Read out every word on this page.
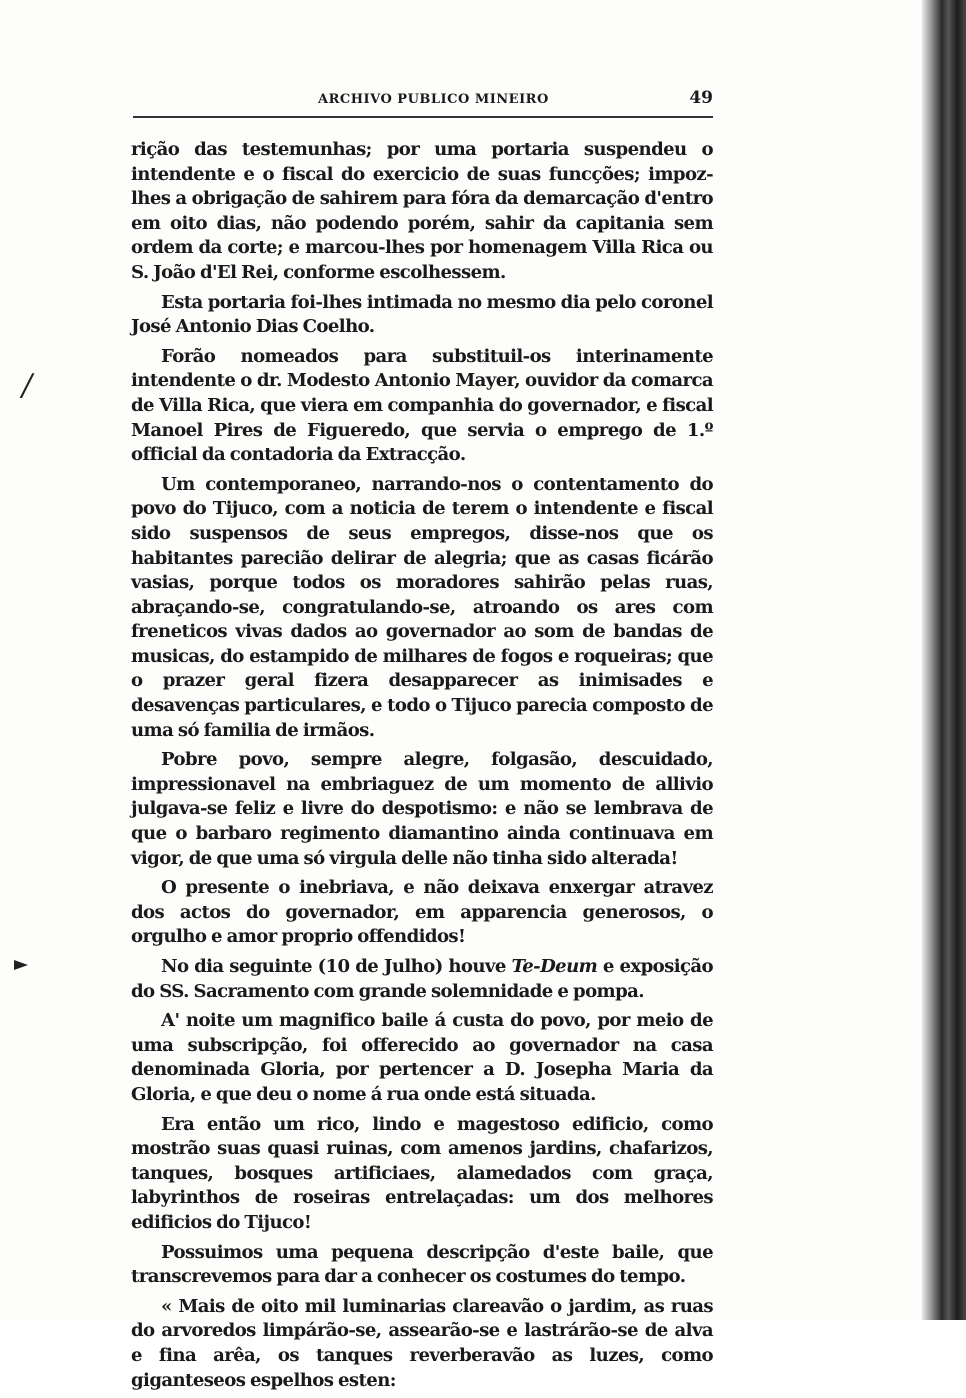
ARCHIVO PUBLICO MINEIRO	49

rição das testemunhas; por uma portaria suspendeu o intendente e o fiscal do exercicio de suas funcções; impoz-lhes a obrigação de sahirem para fóra da demarcação d'entro em oito dias, não podendo porém, sahir da capitania sem ordem da corte; e marcou-lhes por homenagem Villa Rica ou S. João d'El Rei, conforme escolhessem.

Esta portaria foi-lhes intimada no mesmo dia pelo coronel José Antonio Dias Coelho.

Forão nomeados para substituil-os interinamente intendente o dr. Modesto Antonio Mayer, ouvidor da comarca de Villa Rica, que viera em companhia do governador, e fiscal Manoel Pires de Figueredo, que servia o emprego de 1.º official da contadoria da Extracção.

Um contemporaneo, narrando-nos o contentamento do povo do Tijuco, com a noticia de terem o intendente e fiscal sido suspensos de seus empregos, disse-nos que os habitantes parecião delirar de alegria; que as casas ficárão vasias, porque todos os moradores sahirão pelas ruas, abraçando-se, congratulando-se, atroando os ares com freneticos vivas dados ao governador ao som de bandas de musicas, do estampido de milhares de fogos e roqueiras; que o prazer geral fizera desapparecer as inimisades e desavenças particulares, e todo o Tijuco parecia composto de uma só familia de irmãos.

Pobre povo, sempre alegre, folgasão, descuidado, impressionavel na embriaguez de um momento de allivio julgava-se feliz e livre do despotismo: e não se lembrava de que o barbaro regimento diamantino ainda continuava em vigor, de que uma só virgula delle não tinha sido alterada!

O presente o inebriava, e não deixava enxergar atravez dos actos do governador, em apparencia generosos, o orgulho e amor proprio offendidos!

No dia seguinte (10 de Julho) houve Te-Deum e exposição do SS. Sacramento com grande solemnidade e pompa.

A' noite um magnifico baile á custa do povo, por meio de uma subscripção, foi offerecido ao governador na casa denominada Gloria, por pertencer a D. Josepha Maria da Gloria, e que deu o nome á rua onde está situada.

Era então um rico, lindo e magestoso edificio, como mostrão suas quasi ruinas, com amenos jardins, chafarizos, tanques, bosques artificiaes, alamedados com graça, labyrinthos de roseiras entrelaçadas: um dos melhores edificios do Tijuco!

Possuimos uma pequena descripção d'este baile, que transcrevemos para dar a conhecer os costumes do tempo.

« Mais de oito mil luminarias clareavão o jardim, as ruas do arvoredos limpárão-se, assearão-se e lastrárão-se de alva e fina arêa, os tanques reverberavão as luzes, como giganteseos espelhos esten:

/
